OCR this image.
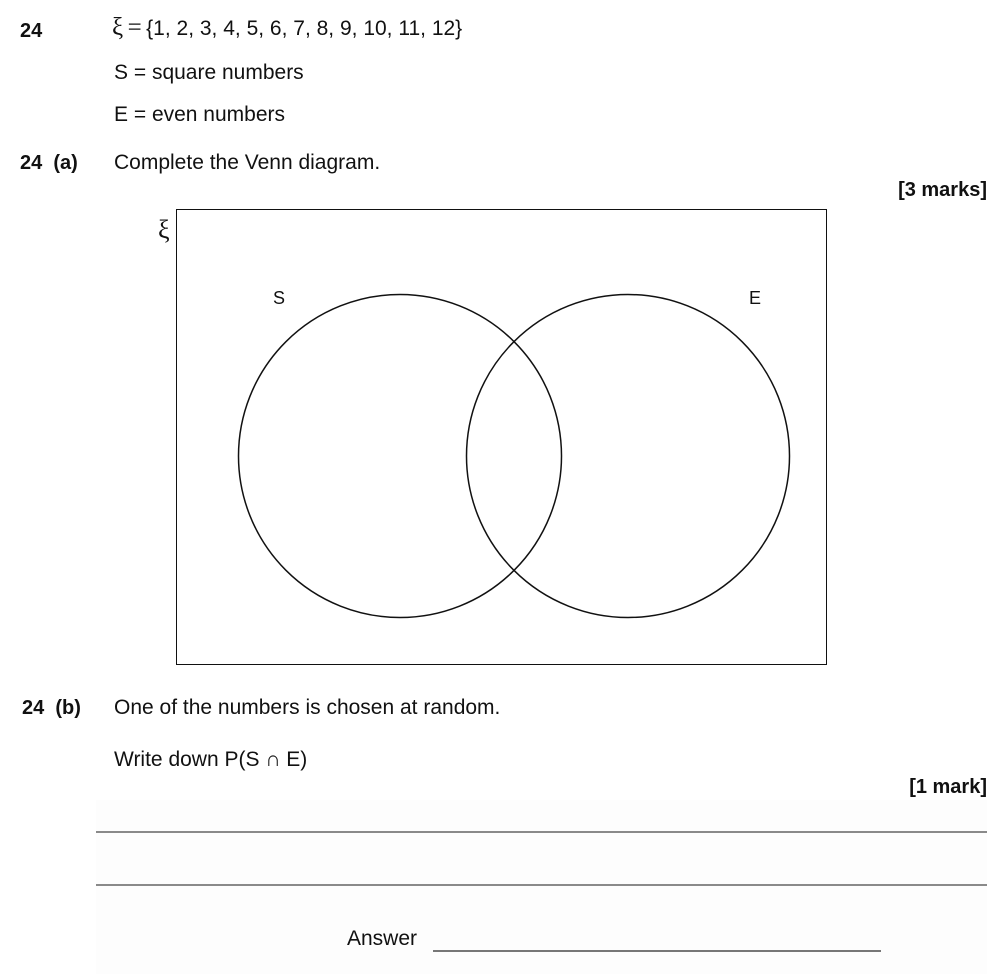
24	ξ = {1, 2, 3, 4, 5, 6, 7, 8, 9, 10, 11, 12}
S = square numbers
E = even numbers
24 (a) Complete the Venn diagram.
[3 marks]
ξ
S	E
24 (b) One of the numbers is chosen at random.
Write down P(S ∩ E)
[1 mark]
Answer
